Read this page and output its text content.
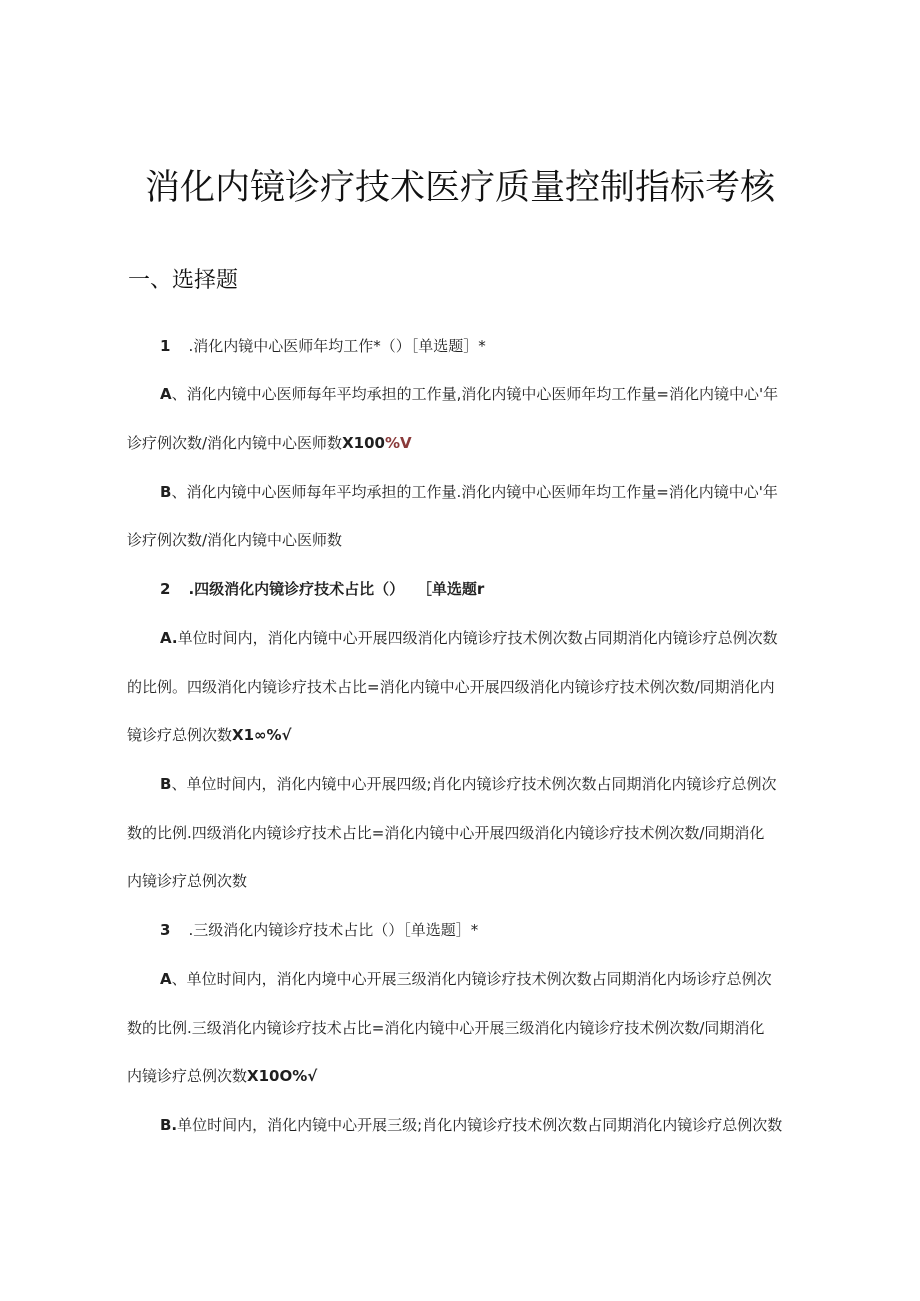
消化内镜诊疗技术医疗质量控制指标考核
一、选择题
1 .消化内镜中心医师年均工作*（）［单选题］*
A、消化内镜中心医师每年平均承担的工作量,消化内镜中心医师年均工作量=消化内镜中心'年
诊疗例次数/消化内镜中心医师数X100%V
B、消化内镜中心医师每年平均承担的工作量.消化内镜中心医师年均工作量=消化内镜中心'年
诊疗例次数/消化内镜中心医师数
2 .四级消化内镜诊疗技术占比（） ［单选题r
A.单位时间内，消化内镜中心开展四级消化内镜诊疗技术例次数占同期消化内镜诊疗总例次数
的比例。四级消化内镜诊疗技术占比=消化内镜中心开展四级消化内镜诊疗技术例次数/同期消化内
镜诊疗总例次数X1∞%√
B、单位时间内，消化内镜中心开展四级;肖化内镜诊疗技术例次数占同期消化内镜诊疗总例次
数的比例.四级消化内镜诊疗技术占比=消化内镜中心开展四级消化内镜诊疗技术例次数/同期消化
内镜诊疗总例次数
3 .三级消化内镜诊疗技术占比（）［单选题］*
A、单位时间内，消化内境中心开展三级消化内镜诊疗技术例次数占同期消化内场诊疗总例次
数的比例.三级消化内镜诊疗技术占比=消化内镜中心开展三级消化内镜诊疗技术例次数/同期消化
内镜诊疗总例次数X10O%√
B.单位时间内，消化内镜中心开展三级;肖化内镜诊疗技术例次数占同期消化内镜诊疗总例次数
